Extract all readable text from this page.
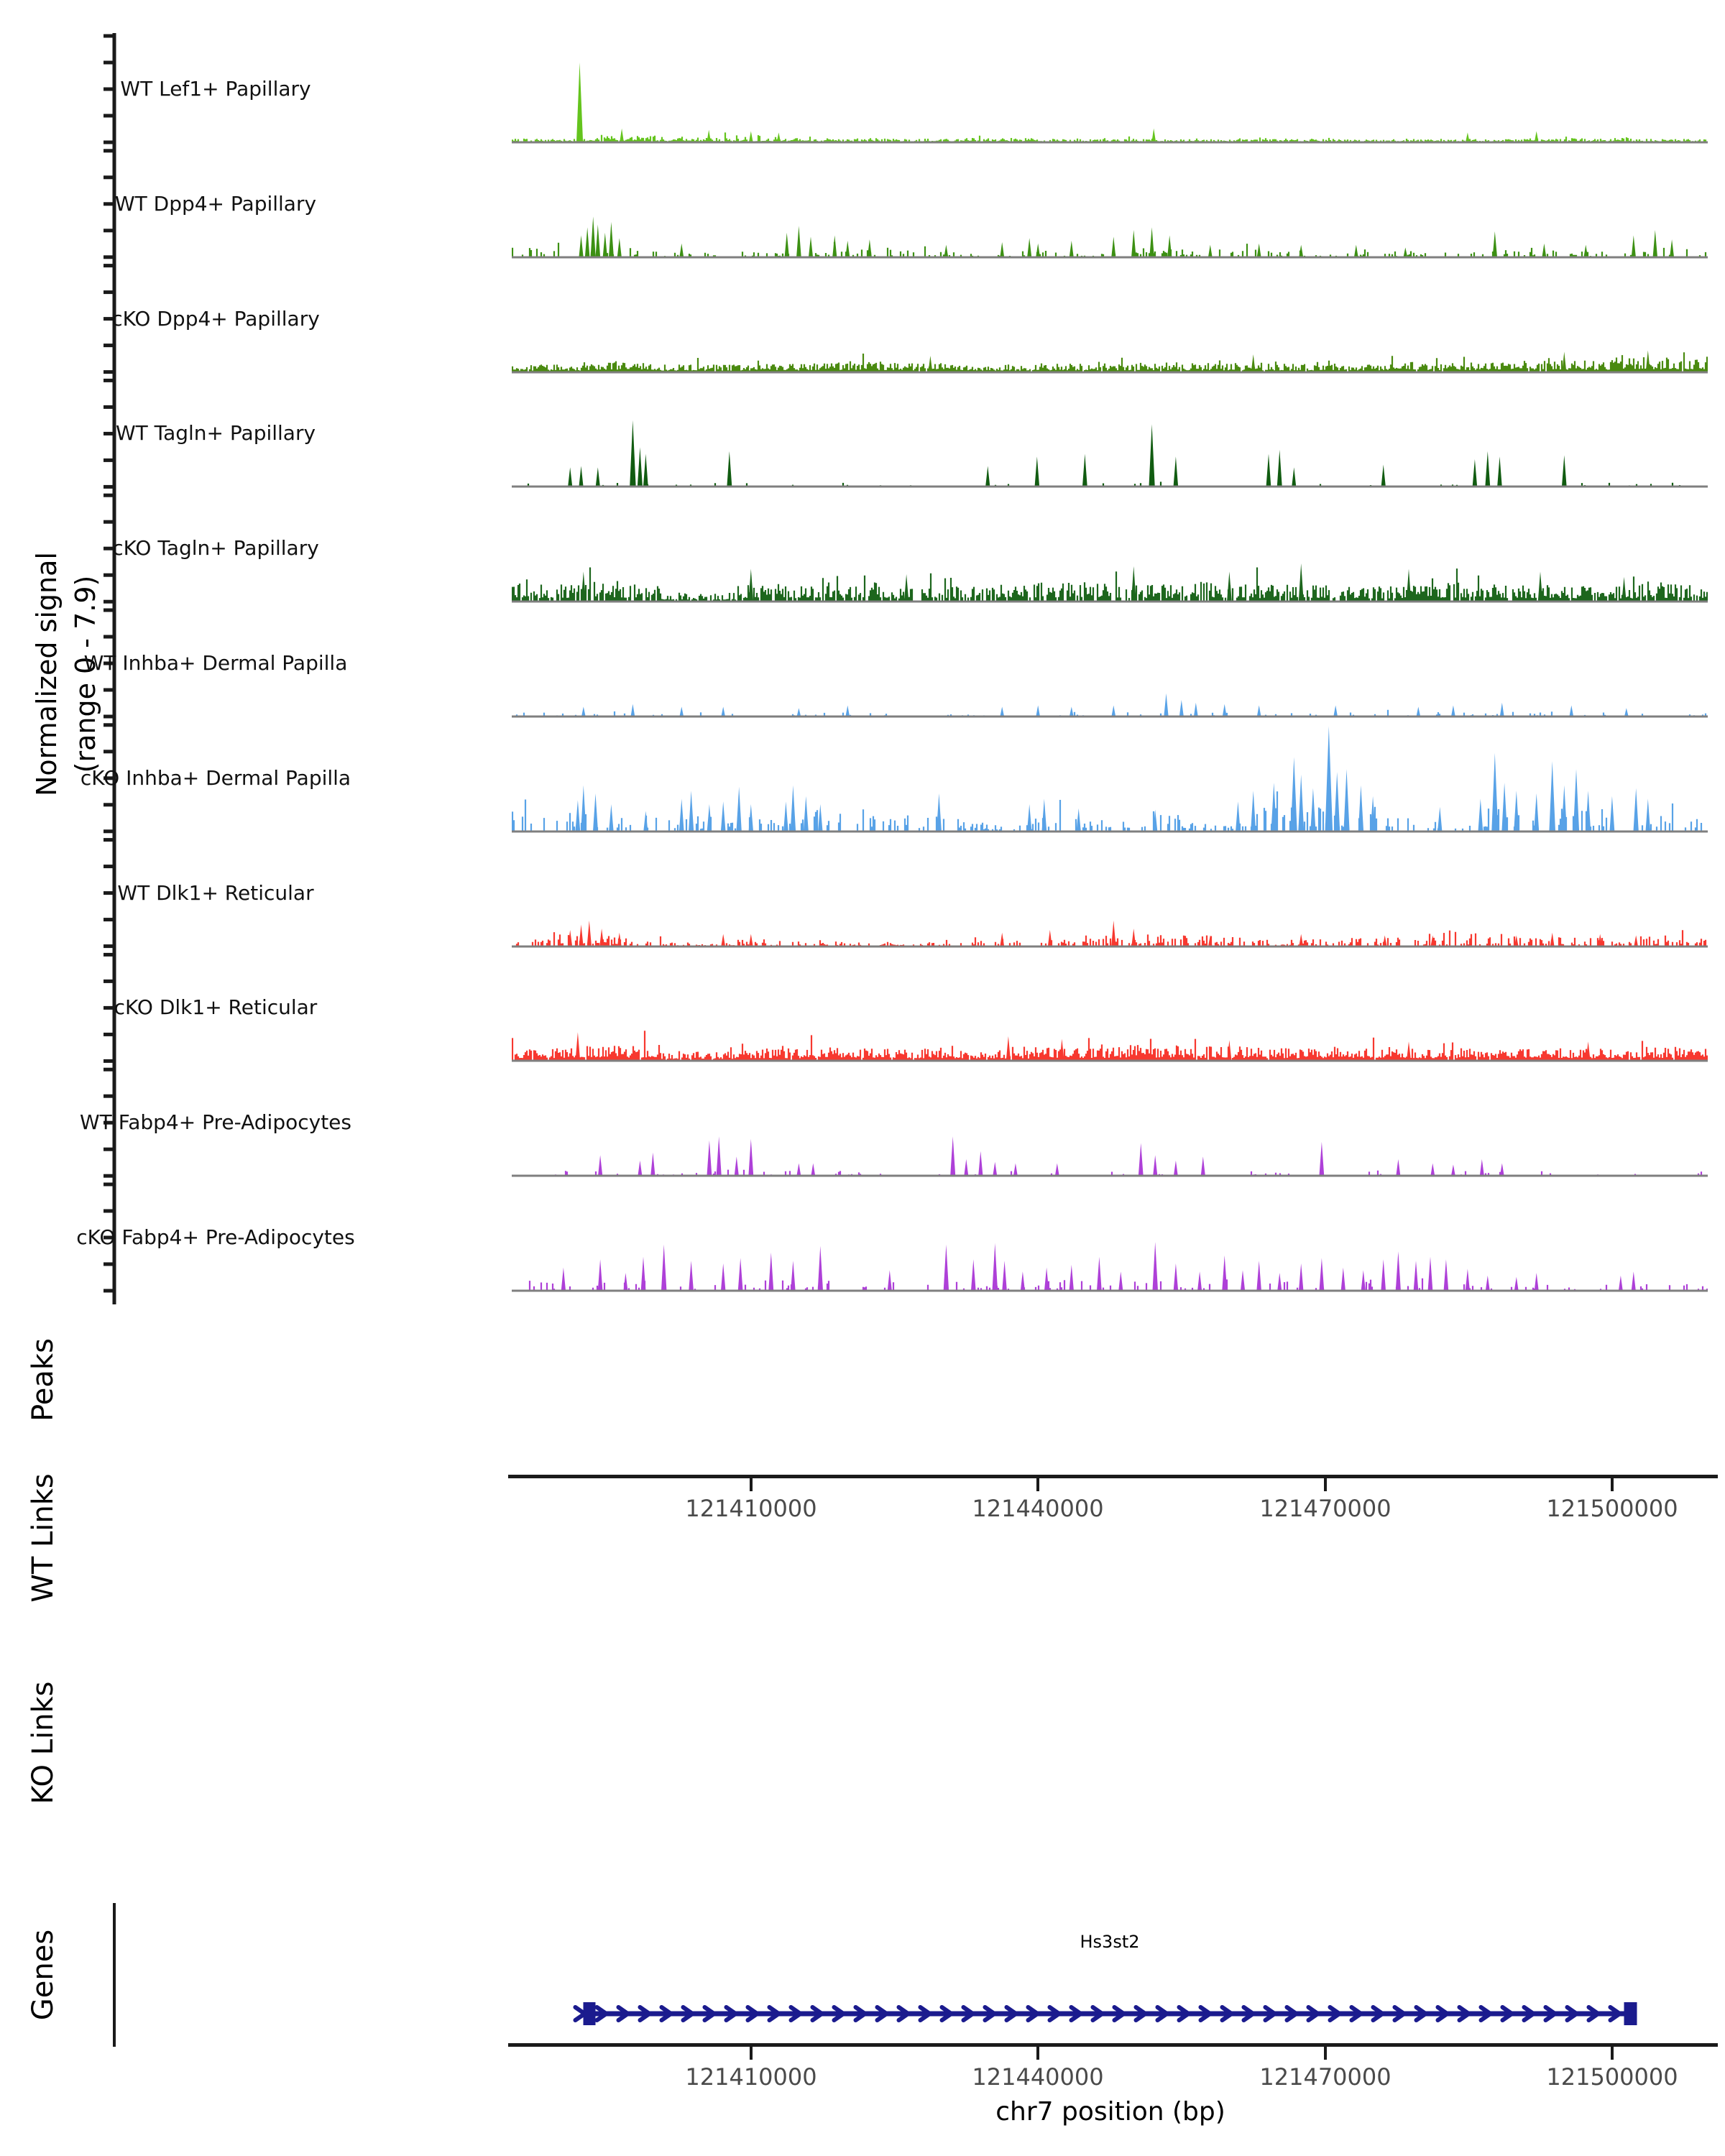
Normalized signal (range 0 - 7.9)
WT Lef1+ Papillary
WT Dpp4+ Papillary
cKO Dpp4+ Papillary
WT Tagln+ Papillary
cKO Tagln+ Papillary
WT Inhba+ Dermal Papilla
cKO Inhba+ Dermal Papilla
WT Dlk1+ Reticular
cKO Dlk1+ Reticular
WT Fabp4+ Pre-Adipocytes
cKO Fabp4+ Pre-Adipocytes
Peaks
WT Links
KO Links
Genes
121410000	121440000	121470000	121500000
Hs3st2
121410000	121440000	121470000	121500000
chr7 position (bp)
